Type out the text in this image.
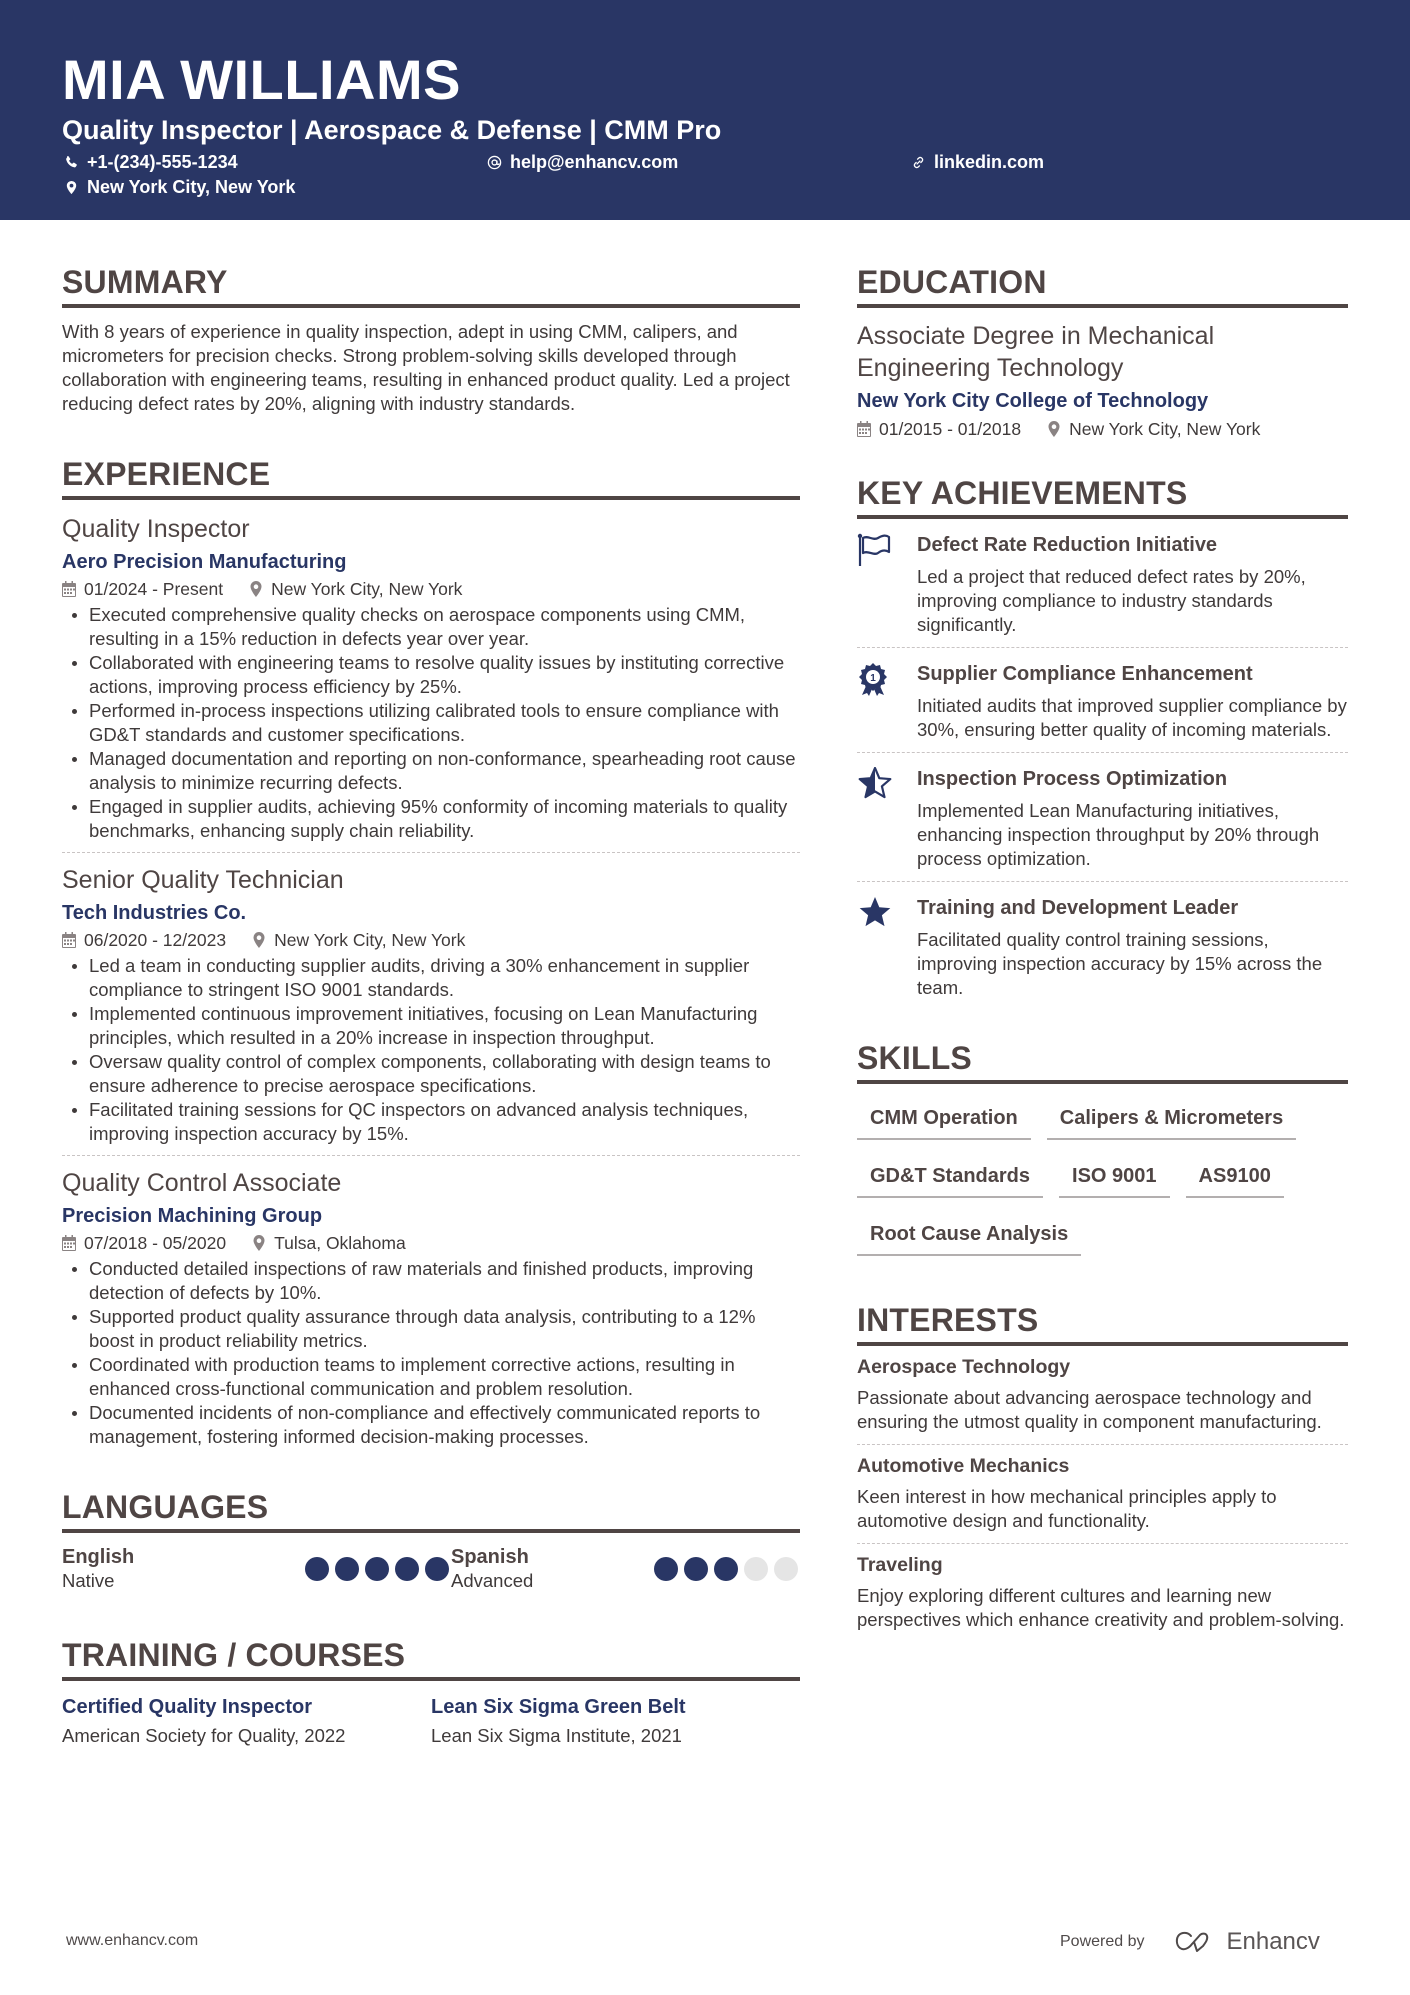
MIA WILLIAMS
Quality Inspector | Aerospace & Defense | CMM Pro
+1-(234)-555-1234	help@enhancv.com	linkedin.com
New York City, New York
SUMMARY

With 8 years of experience in quality inspection, adept in using CMM, calipers, and micrometers for precision checks. Strong problem-solving skills developed through collaboration with engineering teams, resulting in enhanced product quality. Led a project reducing defect rates by 20%, aligning with industry standards.

EXPERIENCE
Quality Inspector
Aero Precision Manufacturing
01/2024 - Present	New York City, New York
Executed comprehensive quality checks on aerospace components using CMM, resulting in a 15% reduction in defects year over year.
Collaborated with engineering teams to resolve quality issues by instituting corrective actions, improving process efficiency by 25%.
Performed in-process inspections utilizing calibrated tools to ensure compliance with GD&T standards and customer specifications.
Managed documentation and reporting on non-conformance, spearheading root cause analysis to minimize recurring defects.
Engaged in supplier audits, achieving 95% conformity of incoming materials to quality benchmarks, enhancing supply chain reliability.
Senior Quality Technician
Tech Industries Co.
06/2020 - 12/2023	New York City, New York
Led a team in conducting supplier audits, driving a 30% enhancement in supplier compliance to stringent ISO 9001 standards.
Implemented continuous improvement initiatives, focusing on Lean Manufacturing principles, which resulted in a 20% increase in inspection throughput.
Oversaw quality control of complex components, collaborating with design teams to ensure adherence to precise aerospace specifications.
Facilitated training sessions for QC inspectors on advanced analysis techniques, improving inspection accuracy by 15%.
Quality Control Associate
Precision Machining Group
07/2018 - 05/2020	Tulsa, Oklahoma
Conducted detailed inspections of raw materials and finished products, improving detection of defects by 10%.
Supported product quality assurance through data analysis, contributing to a 12% boost in product reliability metrics.
Coordinated with production teams to implement corrective actions, resulting in enhanced cross-functional communication and problem resolution.
Documented incidents of non-compliance and effectively communicated reports to management, fostering informed decision-making processes.
LANGUAGES
English
Native
Spanish
Advanced
TRAINING / COURSES
Certified Quality Inspector
American Society for Quality, 2022
Lean Six Sigma Green Belt
Lean Six Sigma Institute, 2021
EDUCATION
Associate Degree in Mechanical Engineering Technology
New York City College of Technology
01/2015 - 01/2018	New York City, New York
KEY ACHIEVEMENTS
Defect Rate Reduction Initiative
Led a project that reduced defect rates by 20%, improving compliance to industry standards significantly.
1 Supplier Compliance Enhancement
Initiated audits that improved supplier compliance by 30%, ensuring better quality of incoming materials.
Inspection Process Optimization
Implemented Lean Manufacturing initiatives, enhancing inspection throughput by 20% through process optimization.
Training and Development Leader
Facilitated quality control training sessions, improving inspection accuracy by 15% across the team.
SKILLS
CMM Operation	Calipers & Micrometers
GD&T Standards	ISO 9001	AS9100
Root Cause Analysis
INTERESTS
Aerospace Technology
Passionate about advancing aerospace technology and ensuring the utmost quality in component manufacturing.
Automotive Mechanics
Keen interest in how mechanical principles apply to automotive design and functionality.
Traveling
Enjoy exploring different cultures and learning new perspectives which enhance creativity and problem-solving.
www.enhancv.com	Powered by	Enhancv
